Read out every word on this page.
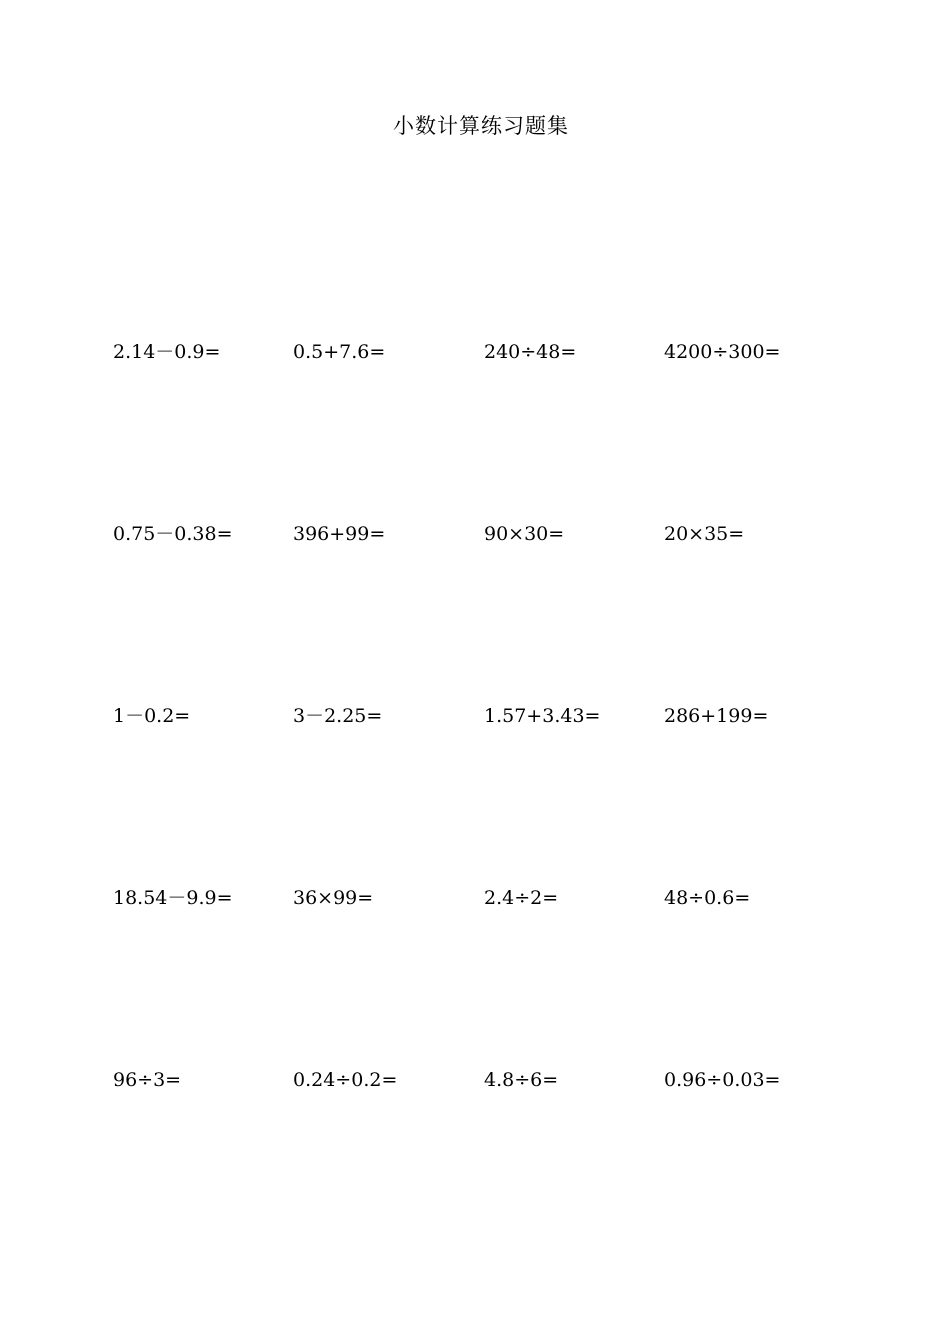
小数计算练习题集
2.14－0.9=	0.5+7.6=	240÷48=	4200÷300=
0.75－0.38=	396+99=	90×30=	20×35=
1－0.2=	3－2.25=	1.57+3.43=	286+199=
18.54－9.9=	36×99=	2.4÷2=	48÷0.6=
96÷3=	0.24÷0.2=	4.8÷6=	0.96÷0.03=
